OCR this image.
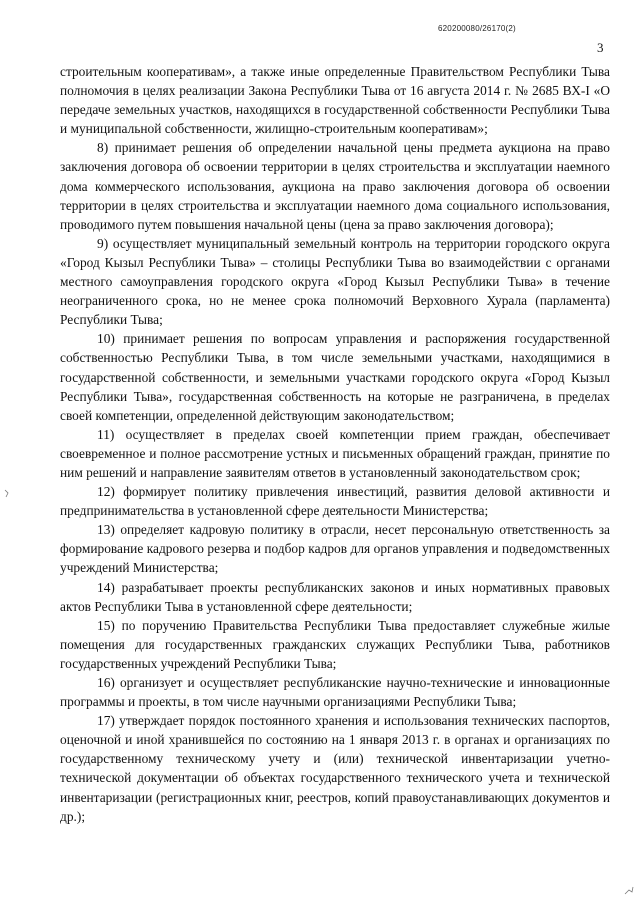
620200080/26170(2)
3

строительным кооперативам», а также иные определенные Правительством Республики Тыва полномочия в целях реализации Закона Республики Тыва от 16 августа 2014 г. № 2685 ВХ-I «О передаче земельных участков, находящихся в государственной собственности Республики Тыва и муниципальной собственности, жилищно-строительным кооперативам»;

8) принимает решения об определении начальной цены предмета аукциона на право заключения договора об освоении территории в целях строительства и эксплуатации наемного дома коммерческого использования, аукциона на право заключения договора об освоении территории в целях строительства и эксплуатации наемного дома социального использования, проводимого путем повышения начальной цены (цена за право заключения договора);

9) осуществляет муниципальный земельный контроль на территории городского округа «Город Кызыл Республики Тыва» – столицы Республики Тыва во взаимодействии с органами местного самоуправления городского округа «Город Кызыл Республики Тыва» в течение неограниченного срока, но не менее срока полномочий Верховного Хурала (парламента) Республики Тыва;

10) принимает решения по вопросам управления и распоряжения государственной собственностью Республики Тыва, в том числе земельными участками, находящимися в государственной собственности, и земельными участками городского округа «Город Кызыл Республики Тыва», государственная собственность на которые не разграничена, в пределах своей компетенции, определенной действующим законодательством;

11) осуществляет в пределах своей компетенции прием граждан, обеспечивает своевременное и полное рассмотрение устных и письменных обращений граждан, принятие по ним решений и направление заявителям ответов в установленный законодательством срок;

12) формирует политику привлечения инвестиций, развития деловой активности и предпринимательства в установленной сфере деятельности Министерства;

13) определяет кадровую политику в отрасли, несет персональную ответственность за формирование кадрового резерва и подбор кадров для органов управления и подведомственных учреждений Министерства;

14) разрабатывает проекты республиканских законов и иных нормативных правовых актов Республики Тыва в установленной сфере деятельности;

15) по поручению Правительства Республики Тыва предоставляет служебные жилые помещения для государственных гражданских служащих Республики Тыва, работников государственных учреждений Республики Тыва;

16) организует и осуществляет республиканские научно-технические и инновационные программы и проекты, в том числе научными организациями Республики Тыва;

17) утверждает порядок постоянного хранения и использования технических паспортов, оценочной и иной хранившейся по состоянию на 1 января 2013 г. в органах и организациях по государственному техническому учету и (или) технической инвентаризации учетно-технической документации об объектах государственного технического учета и технической инвентаризации (регистрационных книг, реестров, копий правоустанавливающих документов и др.);
